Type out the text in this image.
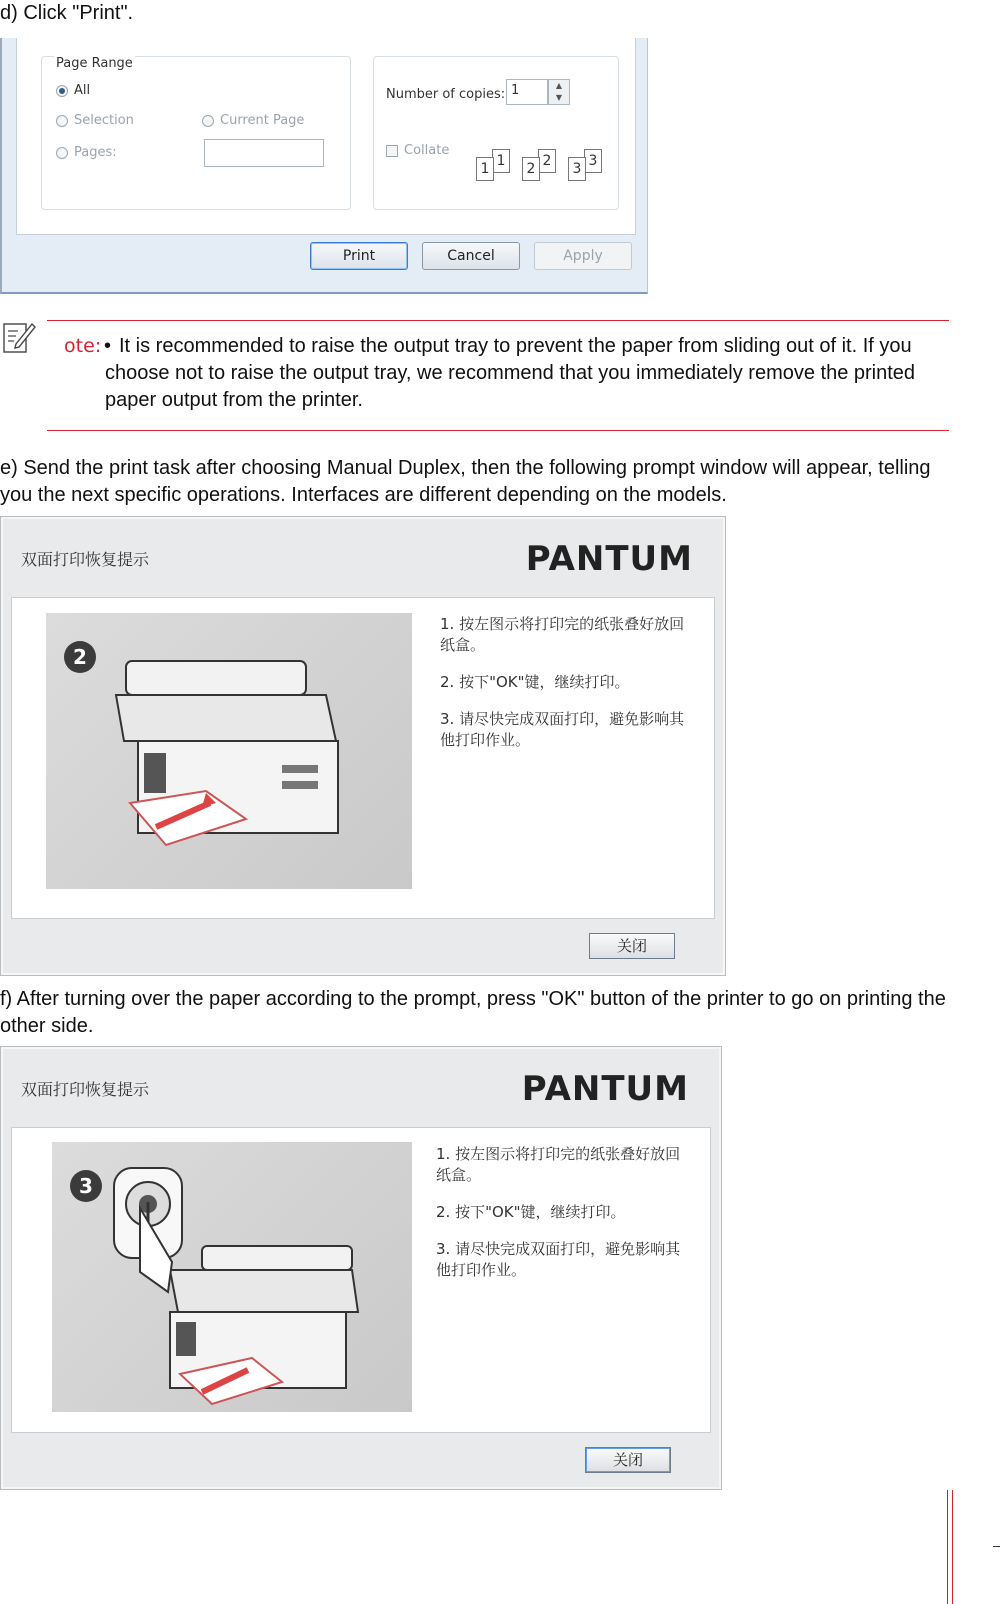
d) Click "Print".
Page Range
All
Selection	Current Page
Pages:
Number of copies: 1	▲
▼
Collate
1
1	2
2	3
3
Print	Cancel	Apply
ote: • It is recommended to raise the output tray to prevent the paper from sliding out of it. If you choose not to raise the output tray, we recommend that you immediately remove the printed paper output from the printer.
e) Send the print task after choosing Manual Duplex, then the following prompt window will appear, telling you the next specific operations. Interfaces are different depending on the models.
双面打印恢复提示	PANTUM
2

1. 按左图示将打印完的纸张叠好放回纸盒。

2. 按下"OK"键，继续打印。

3. 请尽快完成双面打印，避免影响其他打印作业。

关闭
f) After turning over the paper according to the prompt, press "OK" button of the printer to go on printing the other side.
双面打印恢复提示	PANTUM
3

1. 按左图示将打印完的纸张叠好放回纸盒。

2. 按下"OK"键，继续打印。

3. 请尽快完成双面打印，避免影响其他打印作业。

关闭
